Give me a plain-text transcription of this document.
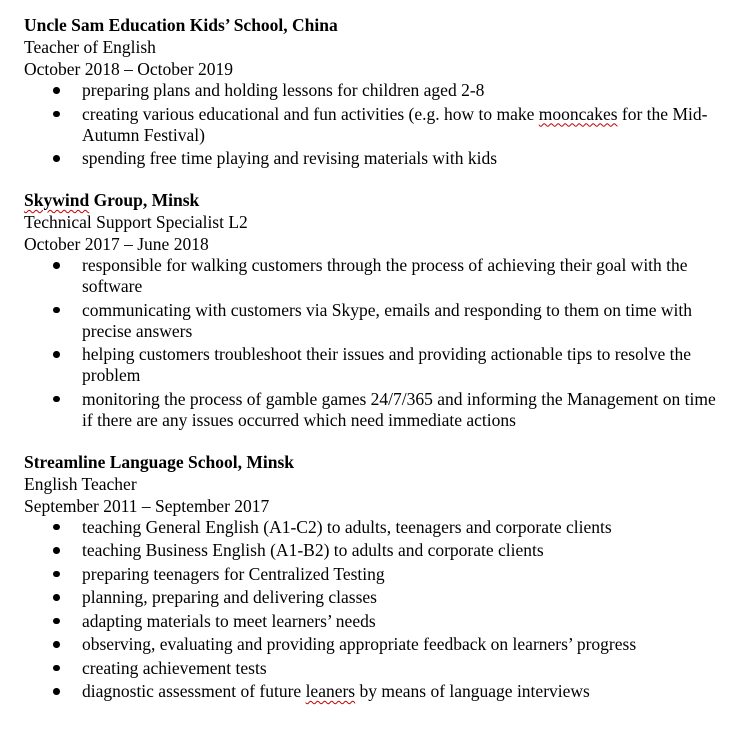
Uncle Sam Education Kids’ School, China
Teacher of English
October 2018 – October 2019
preparing plans and holding lessons for children aged 2-8
creating various educational and fun activities (e.g. how to make mooncakes for the Mid-Autumn Festival)
spending free time playing and revising materials with kids
Skywind Group, Minsk
Technical Support Specialist L2
October 2017 – June 2018
responsible for walking customers through the process of achieving their goal with the software
communicating with customers via Skype, emails and responding to them on time with precise answers
helping customers troubleshoot their issues and providing actionable tips to resolve the problem
monitoring the process of gamble games 24/7/365 and informing the Management on time if there are any issues occurred which need immediate actions
Streamline Language School, Minsk
English Teacher
September 2011 – September 2017
teaching General English (A1-C2) to adults, teenagers and corporate clients
teaching Business English (A1-B2) to adults and corporate clients
preparing teenagers for Centralized Testing
planning, preparing and delivering classes
adapting materials to meet learners’ needs
observing, evaluating and providing appropriate feedback on learners’ progress
creating achievement tests
diagnostic assessment of future leaners by means of language interviews
